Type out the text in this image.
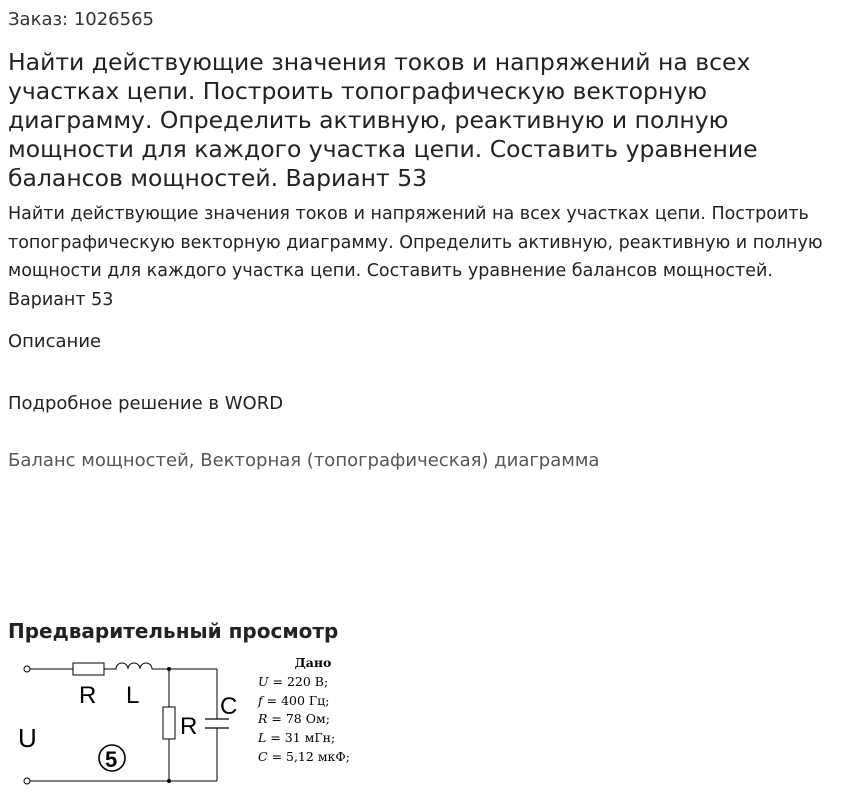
Заказ: 1026565
Найти действующие значения токов и напряжений на всех участках цепи. Построить топографическую векторную диаграмму. Определить активную, реактивную и полную мощности для каждого участка цепи. Составить уравнение балансов мощностей. Вариант 53

Найти действующие значения токов и напряжений на всех участках цепи. Построить топографическую векторную диаграмму. Определить активную, реактивную и полную мощности для каждого участка цепи. Составить уравнение балансов мощностей. Вариант 53

Описание
Подробное решение в WORD
Баланс мощностей, Векторная (топографическая) диаграмма
Предварительный просмотр
R L
R
C
U
5
Дано
U = 220 В;
f = 400 Гц;
R = 78 Ом;
L = 31 мГн;
C = 5,12 мкФ;
